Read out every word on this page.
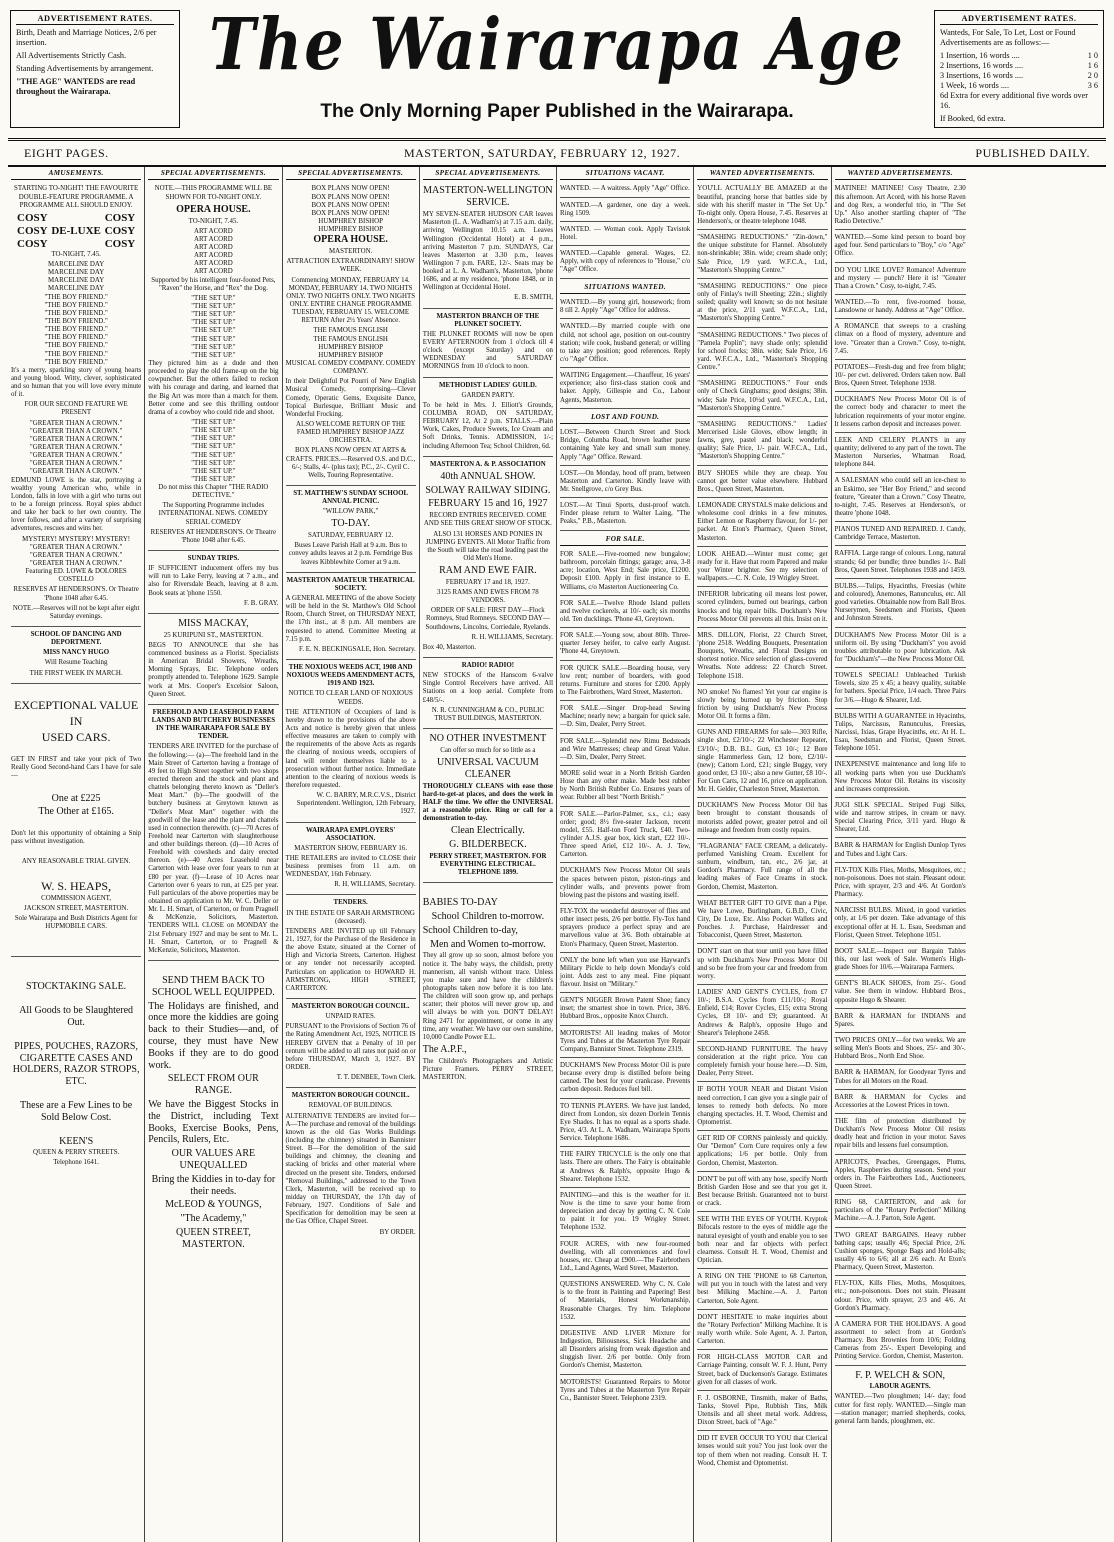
ADVERTISEMENT RATES.

Birth, Death and Marriage Notices, 2/6 per insertion.

All Advertisements Strictly Cash.

Standing Advertisements by arrangement.

"THE AGE" WANTEDS are read throughout the Wairarapa.

The Wairarapa Age
The Only Morning Paper Published in the Wairarapa.
ADVERTISEMENT RATES.

Wanteds, For Sale, To Let, Lost or Found Advertisements are as follows:—

1 Insertion, 16 words ....	1 0
2 Insertions, 16 words ....	1 6
3 Insertions, 16 words ....	2 0
1 Week, 16 words ....	3 6

6d Extra for every additional five words over 16.

If Booked, 6d extra.

EIGHT PAGES.	MASTERTON, SATURDAY, FEBRUARY 12, 1927.	PUBLISHED DAILY.
AMUSEMENTS.

STARTING TO-NIGHT! THE FAVOURITE DOUBLE-FEATURE PROGRAMME. A PROGRAMME ALL SHOULD ENJOY.

COSY	COSY
COSY DE-LUXE COSY
COSY	COSY

TO-NIGHT, 7.45.

MARCELINE DAY
MARCELINE DAY
MARCELINE DAY
MARCELINE DAY
"THE BOY FRIEND."
"THE BOY FRIEND."
"THE BOY FRIEND."
"THE BOY FRIEND."
"THE BOY FRIEND."
"THE BOY FRIEND."
"THE BOY FRIEND."
"THE BOY FRIEND."
"THE BOY FRIEND."

It's a merry, sparkling story of young hearts and young blood. Witty, clever, sophisticated and so human that you will love every minute of it.

FOR OUR SECOND FEATURE WE PRESENT

"GREATER THAN A CROWN."
"GREATER THAN A CROWN."
"GREATER THAN A CROWN."
"GREATER THAN A CROWN."
"GREATER THAN A CROWN."
"GREATER THAN A CROWN."
"GREATER THAN A CROWN."

EDMUND LOWE is the star, portraying a wealthy young American who, while in London, falls in love with a girl who turns out to be a foreign princess. Royal spies abduct and take her back to her own country. The lover follows, and after a variety of surprising adventures, rescues and wins her.

MYSTERY! MYSTERY! MYSTERY!
"GREATER THAN A CROWN."
"GREATER THAN A CROWN."
"GREATER THAN A CROWN."

Featuring ED. LOWE & DOLORES COSTELLO

RESERVES AT HENDERSON'S. Or Theatre 'Phone 1048 after 6.45.

NOTE.—Reserves will not be kept after eight Saturday evenings.

SCHOOL OF DANCING AND DEPORTMENT.

MISS NANCY HUGO

Will Resume Teaching

THE FIRST WEEK IN MARCH.

EXCEPTIONAL VALUE

IN

USED CARS.

GET IN FIRST and take your pick of Two Really Good Second-hand Cars I have for sale—

One at £225

The Other at £165.

Don't let this opportunity of obtaining a Snip pass without investigation.

ANY REASONABLE TRIAL GIVEN.

W. S. HEAPS,

COMMISSION AGENT,

JACKSON STREET, MASTERTON.

Sole Wairarapa and Bush Districts Agent for HUPMOBILE CARS.

STOCKTAKING SALE.

All Goods to be Slaughtered Out.

PIPES, POUCHES, RAZORS, CIGARETTE CASES AND HOLDERS, RAZOR STROPS, ETC.

These are a Few Lines to be Sold Below Cost.

KEEN'S

QUEEN & PERRY STREETS.

Telephone 1641.

SPECIAL ADVERTISEMENTS.

NOTE.—THIS PROGRAMME WILL BE SHOWN FOR TO-NIGHT ONLY.

OPERA HOUSE.

TO-NIGHT, 7.45.

ART ACORD
ART ACORD
ART ACORD
ART ACORD
ART ACORD
ART ACORD

Supported by his intelligent four-footed Pets, "Raven" the Horse, and "Rex" the Dog.

"THE SET UP."
"THE SET UP."
"THE SET UP."
"THE SET UP."
"THE SET UP."
"THE SET UP."
"THE SET UP."
"THE SET UP."

They pictured him as a dude and then proceeded to play the old frame-up on the big cowpuncher. But the others failed to reckon with his courage and daring, and learned that the Big Art was more than a match for them. Better come and see this thrilling outdoor drama of a cowboy who could ride and shoot.

"THE SET UP."
"THE SET UP."
"THE SET UP."
"THE SET UP."
"THE SET UP."
"THE SET UP."
"THE SET UP."
"THE SET UP."

Do not miss this Chapter "THE RADIO DETECTIVE."

The Supporting Programme includes INTERNATIONAL NEWS. COMEDY SERIAL COMEDY

RESERVES AT HENDERSON'S. Or Theatre 'Phone 1048 after 6.45.

SUNDAY TRIPS.

IF SUFFICIENT inducement offers my bus will run to Lake Ferry, leaving at 7 a.m., and also for Riversdale Beach, leaving at 8 a.m. Book seats at 'phone 1550.

F. B. GRAY.

MISS MACKAY,

25 KURIPUNI ST., MASTERTON.

BEGS TO ANNOUNCE that she has commenced business as a Florist. Specialists in American Bridal Showers, Wreaths, Morning Sprays, Etc. Telephone orders promptly attended to. Telephone 1629. Sample work at Mrs. Cooper's Excelsior Saloon, Queen Street.

FREEHOLD AND LEASEHOLD FARM LANDS AND BUTCHERY BUSINESSES IN THE WAIRARAPA FOR SALE BY TENDER.

TENDERS ARE INVITED for the purchase of the following:— (a)—The freehold land in the Main Street of Carterton having a frontage of 49 feet to High Street together with two shops erected thereon and the stock and plant and chattels belonging thereto known as "Deller's Meat Mart." (b)—The goodwill of the butchery business at Greytown known as "Deller's Meat Mart" together with the goodwill of the lease and the plant and chattels used in connection therewith. (c)—70 Acres of Freehold near Carterton with slaughterhouse and other buildings thereon. (d)—10 Acres of Freehold with cowsheds and dairy erected thereon. (e)—40 Acres Leasehold near Carterton with lease over four years to run at £80 per year. (f)—Lease of 10 Acres near Carterton over 6 years to run, at £25 per year. Full particulars of the above properties may be obtained on application to Mr. W. C. Deller or Mr. L. H. Smart, of Carterton, or from Pragnell & McKenzie, Solicitors, Masterton. TENDERS WILL CLOSE on MONDAY the 21st February 1927 and may be sent to Mr. L. H. Smart, Carterton, or to Pragnell & McKenzie, Solicitors, Masterton.

SEND THEM BACK TO SCHOOL WELL EQUIPPED.

The Holidays are finished, and once more the kiddies are going back to their Studies—and, of course, they must have New Books if they are to do good work.

SELECT FROM OUR RANGE.

We have the Biggest Stocks in the District, including Text Books, Exercise Books, Pens, Pencils, Rulers, Etc.

OUR VALUES ARE UNEQUALLED

Bring the Kiddies in to-day for their needs.

McLEOD & YOUNGS,

"The Academy,"

QUEEN STREET, MASTERTON.

SPECIAL ADVERTISEMENTS.
BOX PLANS NOW OPEN!
BOX PLANS NOW OPEN!
BOX PLANS NOW OPEN!
BOX PLANS NOW OPEN!
HUMPHREY BISHOP
HUMPHREY BISHOP

OPERA HOUSE.

MASTERTON.

ATTRACTION EXTRAORDINARY! SHOW WEEK.

Commencing MONDAY, FEBRUARY 14. MONDAY, FEBRUARY 14. TWO NIGHTS ONLY. TWO NIGHTS ONLY. TWO NIGHTS ONLY. ENTIRE CHANGE PROGRAMME TUESDAY, FEBRUARY 15. WELCOME RETURN After 2½ Years' Absence.

THE FAMOUS ENGLISH
THE FAMOUS ENGLISH
HUMPHREY BISHOP
HUMPHREY BISHOP

MUSICAL COMEDY COMPANY. COMEDY COMPANY.

In their Delightful Pot Pourri of New English Musical Comedy, comprising—Clever Comedy, Operatic Gems, Exquisite Dance, Topical Burlesque, Brilliant Music and Wonderful Frocking.

ALSO WELCOME RETURN OF THE FAMED HUMPHREY BISHOP JAZZ ORCHESTRA.

BOX PLANS NOW OPEN AT ARTS & CRAFTS. PRICES.—Reserved O.S. and D.C., 6/-; Stalls, 4/- (plus tax); P.C., 2/-. Cyril C. Wells, Touring Representative.

ST. MATTHEW'S SUNDAY SCHOOL ANNUAL PICNIC.

"WILLOW PARK,"

TO-DAY.

SATURDAY, FEBRUARY 12.

Buses Leave Parish Hall at 9 a.m. Bus to convey adults leaves at 2 p.m. Ferndrige Bus leaves Kibblewhite Corner at 9 a.m.

MASTERTON AMATEUR THEATRICAL SOCIETY.

A GENERAL MEETING of the above Society will be held in the St. Matthew's Old School Room, Church Street, on THURSDAY NEXT, the 17th inst., at 8 p.m. All members are requested to attend. Committee Meeting at 7.15 p.m.

F. E. N. BECKINGSALE, Hon. Secretary.

THE NOXIOUS WEEDS ACT, 1908 AND NOXIOUS WEEDS AMENDMENT ACTS, 1919 AND 1923.

NOTICE TO CLEAR LAND OF NOXIOUS WEEDS.

THE ATTENTION of Occupiers of land is hereby drawn to the provisions of the above Acts and notice is hereby given that unless effective measures are taken to comply with the requirements of the above Acts as regards the clearing of noxious weeds, occupiers of land will render themselves liable to a prosecution without further notice. Immediate attention to the clearing of noxious weeds is therefore requested.

W. C. BARRY, M.R.C.V.S., District Superintendent. Wellington, 12th February, 1927.

WAIRARAPA EMPLOYERS' ASSOCIATION.

MASTERTON SHOW, FEBRUARY 16.

THE RETAILERS are invited to CLOSE their business premises from 11 a.m. on WEDNESDAY, 16th February.

R. H. WILLIAMS, Secretary.

TENDERS.

IN THE ESTATE OF SARAH ARMSTRONG (deceased).

TENDERS ARE INVITED up till February 21, 1927, for the Purchase of the Residence in the above Estate, situated at the Corner of High and Victoria Streets, Carterton. Highest or any tender not necessarily accepted. Particulars on application to HOWARD H. ARMSTRONG, HIGH STREET, CARTERTON.

MASTERTON BOROUGH COUNCIL.

UNPAID RATES.

PURSUANT to the Provisions of Section 76 of the Rating Amendment Act, 1925, NOTICE IS HEREBY GIVEN that a Penalty of 10 per centum will be added to all rates not paid on or before THURSDAY, March 3, 1927. BY ORDER.

T. T. DENBEE, Town Clerk.

MASTERTON BOROUGH COUNCIL.

REMOVAL OF BUILDINGS.

ALTERNATIVE TENDERS are invited for— A—The purchase and removal of the buildings known as the old Gas Works Buildings (including the chimney) situated in Bannister Street. B—For the demolition of the said buildings and chimney, the cleaning and stacking of bricks and other material where directed on the present site. Tenders, endorsed "Removal Buildings," addressed to the Town Clerk, Masterton, will be received up to midday on THURSDAY, the 17th day of February, 1927. Conditions of Sale and Specification for demolition may be seen at the Gas Office, Chapel Street.

BY ORDER.

SPECIAL ADVERTISEMENTS.

MASTERTON-WELLINGTON SERVICE.

MY SEVEN-SEATER HUDSON CAR leaves Masterton (L. A. Wadham's) at 7.15 a.m. daily, arriving Wellington 10.15 a.m. Leaves Wellington (Occidental Hotel) at 4 p.m., arriving Masterton 7 p.m. SUNDAYS, Car leaves Masterton at 3.30 p.m., leaves Wellington 7 p.m. FARE, 12/-. Seats may be booked at L. A. Wadham's, Masterton, 'phone 1686, and at my residence, 'phone 1848, or in Wellington at Occidental Hotel.

E. B. SMITH,

MASTERTON BRANCH OF THE PLUNKET SOCIETY.

THE PLUNKET ROOMS will now be open EVERY AFTERNOON from 1 o'clock till 4 o'clock (except Saturday) and on WEDNESDAY and SATURDAY MORNINGS from 10 o'clock to noon.

METHODIST LADIES' GUILD.

GARDEN PARTY.

To be held in Mrs. J. Elliott's Grounds, COLUMBA ROAD, ON SATURDAY, FEBRUARY 12, At 2 p.m. STALLS.—Plain Work, Cakes, Produce Sweets, Ice Cream and Soft Drinks, Tennis. ADMISSION, 1/-; including Afternoon Tea; School Children, 6d.

MASTERTON A. & P. ASSOCIATION

40th ANNUAL SHOW.

SOLWAY RAILWAY SIDING.

FEBRUARY 15 and 16, 1927

RECORD ENTRIES RECEIVED. COME AND SEE THIS GREAT SHOW OF STOCK.

ALSO 131 HORSES AND PONIES IN JUMPING EVENTS. All Motor Traffic from the South will take the road leading past the Old Men's Home.

RAM AND EWE FAIR.

FEBRUARY 17 and 18, 1927.

3125 RAMS AND EWES FROM 78 VENDORS.

ORDER OF SALE: FIRST DAY—Flock Romneys, Stud Romneys. SECOND DAY—Southdowns, Lincolns, Corriedale, Ryelands.

R. H. WILLIAMS, Secretary.

Box 40, Masterton.

RADIO! RADIO!

NEW STOCKS of the Hanscom 6-valve Single Control Receivers have arrived. All Stations on a loop aerial. Complete from £48/5/-.

N. R. CUNNINGHAM & CO., PUBLIC TRUST BUILDINGS, MASTERTON.

NO OTHER INVESTMENT

Can offer so much for so little as a

UNIVERSAL VACUUM CLEANER

THOROUGHLY CLEANS with ease those hard-to-get-at places, and does the work in HALF the time. We offer the UNIVERSAL at a reasonable price. Ring or call for a demonstration to-day.

Clean Electrically.

G. BILDERBECK.

PERRY STREET, MASTERTON. FOR EVERYTHING ELECTRICAL. TELEPHONE 1899.

BABIES TO-DAY

School Children to-morrow.

School Children to-day,

Men and Women to-morrow.

They all grow up so soon, almost before you notice it. The baby ways, the childish, pretty mannerism, all vanish without trace. Unless you make sure and have the children's photographs taken now before it is too late. The children will soon grow up, and perhaps scatter; their photos will never grow up, and will always be with you. DON'T DELAY! Ring 2471 for appointment, or come in any time, any weather. We have our own sunshine, 10,000 Candle Power E.L.

The A.P.F.,

The Children's Photographers and Artistic Picture Framers. PERRY STREET, MASTERTON.

SITUATIONS VACANT.
WANTED. — A waitress. Apply "Age" Office.
WANTED.—A gardener, one day a week. Ring 1509.
WANTED. — Woman cook. Apply Tavistok Hotel.
WANTED.—Capable general. Wages, £2. Apply, with copy of references to "House," c/o "Age" Office.
SITUATIONS WANTED.
WANTED.—By young girl, housework; from 8 till 2. Apply "Age" Office for address.
WANTED.—By married couple with one child, not school age, position on out-country station; wife cook, husband general; or willing to take any position; good references. Reply c/o "Age" Office.
WAITING Engagement.—Chauffeur, 16 years' experience; also first-class station cook and baker. Apply, Gillespie and Co., Labour Agents, Masterton.
LOST AND FOUND.
LOST.—Between Church Street and Stock Bridge, Columba Road, brown leather purse containing Yale key and small sum money. Apply "Age" Office. Reward.
LOST.—On Monday, hood off pram, between Masterton and Carterton. Kindly leave with Mr. Snellgrove, c/o Grey Bus.
LOST.—At Tinui Sports, dust-proof watch. Finder please return to Walter Laing, "The Peaks," P.B., Masterton.
FOR SALE.
FOR SALE.—Five-roomed new bungalow; bathroom, porcelain fittings; garage; area, 3-8 acre; location, West End; Sale price, £1200. Deposit £100. Apply in first instance to E. Williams, c/o Masterton Auctioneering Co.
FOR SALE.—Twelve Rhode Island pullets and twelve cockerels, at 10/- each; six months old. Ten ducklings. 'Phone 43, Greytown.
FOR SALE.—Young sow, about 80lb. Three-quarter Jersey heifer, to calve early August. 'Phone 44, Greytown.
FOR QUICK SALE.—Boarding house, very low rent; number of boarders, with good returns. Furniture and stores for £200. Apply to The Fairbrothers, Ward Street, Masterton.
FOR SALE.—Singer Drop-head Sewing Machine; nearly new; a bargain for quick sale.—D. Sim, Dealer, Perry Street.
FOR SALE.—Splendid new Rimu Bedsteads and Wire Mattresses; cheap and Great Value.—D. Sim, Dealer, Perry Street.
MORE solid wear in a North British Garden Hose than any other make. Made best rubber by North British Rubber Co. Ensures years of wear. Rubber all best "North British."
FOR SALE.—Parlor-Palmer, s.s., c.i.; easy order; good; 8½ five-seater Jackson, recent model, £55. Half-ton Ford Truck, £40. Two-cylinder A.J.S. gear box, kick start, £22 10/-. Three speed Ariel, £12 10/-. A. J. Tew, Carterton.
DUCKHAM'S New Process Motor Oil seals the spaces between piston, piston-rings and cylinder walls, and prevents power from blowing past the pistons and wasting itself.
FLY-TOX the wonderful destroyer of flies and other insect pests, 2/6 per bottle. Fly-Tox hand sprayers produce a perfect spray and are marvellous value at 3/6. Both obtainable at Eton's Pharmacy, Queen Street, Masterton.
ONLY the bone left when you use Hayward's Military Pickle to help down Monday's cold joint. Adds zest to any meal. Fine piquant flavour. Insist on "Military."
GENT'S NIGGER Brown Patent Shoe; fancy inset; the smartest shoe in town. Price, 38/6. Hubbard Bros., opposite Knox Church.
MOTORISTS! All leading makes of Motor Tyres and Tubes at the Masterton Tyre Repair Company, Bannister Street. Telephone 2319.
DUCKHAM'S New Process Motor Oil is pure because every drop is distilled before being canned. The best for your crankcase. Prevents carbon deposit. Reduces fuel bill.
TO TENNIS PLAYERS. We have just landed, direct from London, six dozen Dorlein Tennis Eye Shades. It has no equal as a sports shade. Price, 4/3. At L. A. Wadham, Wairarapa Sports Service. Telephone 1686.
THE FAIRY TRICYCLE is the only one that lasts. There are others. The Fairy is obtainable at Andrews & Ralph's, opposite Hugo & Shearer. Telephone 1532.
PAINTING—and this is the weather for it. Now is the time to save your home from depreciation and decay by getting C. N. Cole to paint it for you. 19 Wrigley Street. Telephone 1532.
FOUR ACRES, with new four-roomed dwelling, with all conveniences and fowl houses, etc. Cheap at £900.—The Fairbrothers Ltd., Land Agents, Ward Street, Masterton.
QUESTIONS ANSWERED. Why C. N. Cole is to the front in Painting and Papering! Best of Materials, Honest Workmanship, Reasonable Charges. Try him. Telephone 1532.
DIGESTIVE AND LIVER Mixture for Indigestion, Biliousness, Sick Headache and all Disorders arising from weak digestion and sluggish liver. 2/6 per bottle. Only from Gordon's Chemist, Masterton.
MOTORISTS! Guaranteed Repairs to Motor Tyres and Tubes at the Masterton Tyre Repair Co., Bannister Street. Telephone 2319.
WANTED ADVERTISEMENTS.
YOU'LL ACTUALLY BE AMAZED at the beautiful, prancing horse that battles side by side with his sheriff master in "The Set Up." To-night only. Opera House, 7.45. Reserves at Henderson's, or theatre telephone 1048.
"SMASHING REDUCTIONS." "Zin-down," the unique substitute for Flannel. Absolutely non-shrinkable; 38in. wide; cream shade only; Sale Price, 1/9 yard. W.F.C.A., Ltd., "Masterton's Shopping Centre."
"SMASHING REDUCTIONS." One piece only of Finlay's twill Sheeting; 22in.; slightly soiled; quality well known; so do not hesitate at the price, 2/11 yard. W.F.C.A., Ltd., "Masterton's Shopping Centre."
"SMASHING REDUCTIONS." Two pieces of "Pamela Poplin"; navy shade only; splendid for school frocks; 38in. wide; Sale Price, 1/6 yard. W.F.C.A., Ltd., "Masterton's Shopping Centre."
"SMASHING REDUCTIONS." Four ends only of Check Ginghams; good designs; 38in. wide; Sale Price, 10½d yard. W.F.C.A., Ltd., "Masterton's Shopping Centre."
"SMASHING REDUCTIONS." Ladies' Mercerised Lisle Gloves, elbow length; in fawns, grey, pastel and black; wonderful quality; Sale Price, 1/- pair. W.F.C.A., Ltd., "Masterton's Shopping Centre."
BUY SHOES while they are cheap. You cannot get better value elsewhere. Hubbard Bros., Queen Street, Masterton.
LEMONADE CRYSTALS make delicious and wholesome cool drinks in a few minutes. Either Lemon or Raspberry flavour, for 1/- per packet. At Eton's Pharmacy, Queen Street, Masterton.
LOOK AHEAD.—Winter must come; get ready for it. Have that room Papered and make your Winter brighter. See my selection of wallpapers.—C. N. Cole, 19 Wrigley Street.
INFERIOR lubricating oil means lost power, scored cylinders, burned out bearings, carbon knocks and big repair bills. Duckham's New Process Motor Oil prevents all this. Insist on it.
MRS. DILLON, Florist, 22 Church Street, 'phone 2518. Wedding Bouquets, Presentation Bouquets, Wreaths, and Floral Designs on shortest notice. Nice selection of glass-covered Wreaths. Note address: 22 Church Street. Telephone 1518.
NO smoke! No flames! Yet your car engine is slowly being burned up by friction. Stop friction by using Duckham's New Process Motor Oil. It forms a film.
GUNS AND FIREARMS for sale—.303 Rifle, single shot, £2/10/-; 22 Winchester Repeater, £3/10/-; D.B. B.L. Gun, £3 10/-; 12 Bore single Hammerless Gun, 12 bore, £2/10/- (new); Cattom Lord, £21; single Buggy, very good order, £3 10/-; also a new Gutter, £8 10/-. For Gun Carts, 12 and 16, price on application. Mr. H. Gelder, Charleston Street, Masterton.
DUCKHAM'S New Process Motor Oil has been brought to constant thousands of motorists added power, greater petrol and oil mileage and freedom from costly repairs.
"FLAGRANIA" FACE CREAM, a delicately-perfumed Vanishing Cream. Excellent for sunburn, windburn, tan, etc., 2/6 jar, at Gordon's Pharmacy. Full range of all the leading makes of Face Creams in stock. Gordon, Chemist, Masterton.
WHAT BETTER GIFT TO GIVE than a Pipe. We have Lowe, Burlingham, G.B.D., Civic, City, De Luxe, Etc. Also Pocket Wallets and Pouches. J. Purchase, Hairdresser and Tobacconist, Queen Street, Masterton.
DON'T start on that tour until you have filled up with Duckham's New Process Motor Oil and so be free from your car and freedom from worry.
LADIES' AND GENT'S CYCLES, from £7 10/-; B.S.A. Cycles from £11/10/-; Royal Enfield, £14; Rover Cycles, £15; extra Strong Cycles, £8 10/- and £9; guaranteed. At Andrews & Ralph's, opposite Hugo and Shearer's Telephone 2458.
SECOND-HAND FURNITURE. The heavy consideration at the right price. You can completely furnish your house here.—D. Sim, Dealer, Perry Street.
IF BOTH YOUR NEAR and Distant Vision need correction, I can give you a single pair of lenses to remedy both defects. No more changing spectacles. H. T. Wood, Chemist and Optometrist.
GET RID OF CORNS painlessly and quickly. Our "Demon" Corn Cure requires only a few applications; 1/6 per bottle. Only from Gordon, Chemist, Masterton.
DON'T be put off with any hose, specify North British Garden Hose and see that you get it. Best because British. Guaranteed not to burst or crack.
SEE WITH THE EYES OF YOUTH. Kryptok Bifocals restore to the eyes of middle age the natural eyesight of youth and enable you to see both near and far objects with perfect clearness. Consult H. T. Wood, Chemist and Optician.
A RING ON THE 'PHONE to 68 Carterton, will put you in touch with the latest and very best Milking Machine.—A. J. Parton Carterton, Sole Agent.
DON'T HESITATE to make inquiries about the "Rotary Perfection" Milking Machine. It is really worth while. Sole Agent, A. J. Parton, Carterton.
FOR HIGH-CLASS MOTOR CAR and Carriage Painting, consult W. F. J. Hunt, Perry Street, back of Duckenson's Garage. Estimates given for all classes of work.
F. J. OSBORNE, Tinsmith, maker of Baths, Tanks, Stovel Pipe, Rubbish Tins, Milk Utensils and all sheet metal work. Address, Dixon Street, back of "Age."
DID IT EVER OCCUR TO YOU that Clerical lenses would suit you? You just look over the top of them when not reading. Consult H. T. Wood, Chemist and Optometrist.
WANTED ADVERTISEMENTS.
MATINEE! MATINEE! Cosy Theatre, 2.30 this afternoon. Art Acord, with his horse Raven and dog Rex, a wonderful trio, in "The Set Up." Also another startling chapter of "The Radio Detective."
WANTED.—Some kind person to board boy aged four. Send particulars to "Boy," c/o "Age" Office.
DO YOU LIKE LOVE? Romance! Adventure and mystery — punch? Here it is! "Greater Than a Crown." Cosy, to-night, 7.45.
WANTED.—To rent, five-roomed house, Lansdowne or handy. Address at "Age" Office.
A ROMANCE that sweeps to a crashing climax on a flood of mystery, adventure and love. "Greater than a Crown." Cosy, to-night, 7.45.
POTATOES—Fresh-dug and free from blight; 10/- per cwt. delivered. Orders taken now. Ball Bros, Queen Street. Telephone 1938.
DUCKHAM'S New Process Motor Oil is of the correct body and character to meet the lubrication requirements of your motor engine. It lessens carbon deposit and increases power.
LEEK AND CELERY PLANTS in any quantity; delivered to any part of the town. The Masterton Nurseries, Whatman Road, telephone 844.
A SALESMAN who could sell an ice-chest to an Eskimo, see "Her Boy Friend," and second feature, "Greater than a Crown." Cosy Theatre, to-night, 7.45. Reserves at Henderson's, or theatre 'phone 1048.
PIANOS TUNED AND REPAIRED. J. Candy, Cambridge Terrace, Masterton.
RAFFIA. Large range of colours. Long, natural strands; 6d per bundle; three bundles 1/-. Ball Bros, Queen Street. Telephones 1938 and 1459.
BULBS.—Tulips, Hyacinths, Freesias (white and coloured), Anemones, Ranunculus, etc. All good varieties. Obtainable now from Ball Bros. Nurserymen, Seedsmen and Florists, Queen and Johnston Streets.
DUCKHAM'S New Process Motor Oil is a uniform oil. By using "Duckham's" you avoid troubles attributable to poor lubrication. Ask for "Duckham's"—the New Process Motor Oil.
TOWELS SPECIAL! Unbleached Turkish Towels, size 25 x 45; a heavy quality, suitable for bathers. Special Price, 1/4 each. Three Pairs for 3/6.—Hugo & Shearer, Ltd.
BULBS WITH A GUARANTEE in Hyacinths, Tulips, Narcissus, Ranunculus, Freesias, Narcissi, Ixias, Grape Hyacinths, etc. At H. L. Esau, Seedsman and Florist, Queen Street. Telephone 1051.
INEXPENSIVE maintenance and long life to all working parts when you use Duckham's New Process Motor Oil. Retains its viscosity and increases compression.
JUGI SILK SPECIAL. Striped Fugi Silks, wide and narrow stripes, in cream or navy. Special Clearing Price, 3/11 yard. Hugo & Shearer, Ltd.
BARR & HARMAN for English Dunlop Tyres and Tubes and Light Cars.
FLY-TOX Kills Flies, Moths, Mosquitoes, etc.; non-poisonous. Does not stain. Pleasant odour. Price, with sprayer, 2/3 and 4/6. At Gordon's Pharmacy.
NARCISSI BULBS. Mixed, in good varieties only, at 1/6 per dozen. Take advantage of this exceptional offer at H. L. Esau, Seedsman and Florist, Queen Street. Telephone 1051.
BOOT SALE.—Inspect our Bargain Tables this, our last week of Sale. Women's High-grade Shoes for 10/6.—Wairarapa Farmers.
GENT'S BLACK SHOES, from 25/-. Good value. See them in window. Hubbard Bros., opposite Hugo & Shearer.
BARR & HARMAN for INDIANS and Spares.
TWO PRICES ONLY—for two weeks. We are selling Men's Boots and Shoes, 25/- and 30/-. Hubbard Bros., North End Shoe.
BARR & HARMAN, for Goodyear Tyres and Tubes for all Motors on the Road.
BARR & HARMAN for Cycles and Accessories at the Lowest Prices in town.
THE film of protection distributed by Duckham's New Process Motor Oil resists deadly heat and friction in your motor. Saves repair bills and lessens fuel consumption.
APRICOTS, Peaches, Greengages, Plums, Apples, Raspberries during season. Send your orders in. The Fairbrothers Ltd., Auctioneers, Queen Street.
RING 68, CARTERTON, and ask for particulars of the "Rotary Perfection" Milking Machine.—A. J. Parton, Sole Agent.
TWO GREAT BARGAINS. Heavy rubber bathing caps; usually 4/6; Special Price, 2/6. Cushion sponges, Sponge Bags and Hold-alls; usually 4/6 to 6/6; all at 2/6 each. At Eton's Pharmacy, Queen Street, Masterton.
FLY-TOX, Kills Flies, Moths, Mosquitoes, etc.; non-poisonous. Does not stain. Pleasant odour. Price, with sprayer, 2/3 and 4/6. At Gordon's Pharmacy.
A CAMERA FOR THE HOLIDAYS. A good assortment to select from at Gordon's Pharmacy. Box Brownies from 10/6; Folding Cameras from 25/-. Expert Developing and Printing Service. Gordon, Chemist, Masterton.

F. P. WELCH & SON,

LABOUR AGENTS.

WANTED.—Two ploughmen; 14/- day; food cutter for first reply. WANTED.—Single man—station manager; married shepherds, cooks, general farm hands, ploughmen, etc.
